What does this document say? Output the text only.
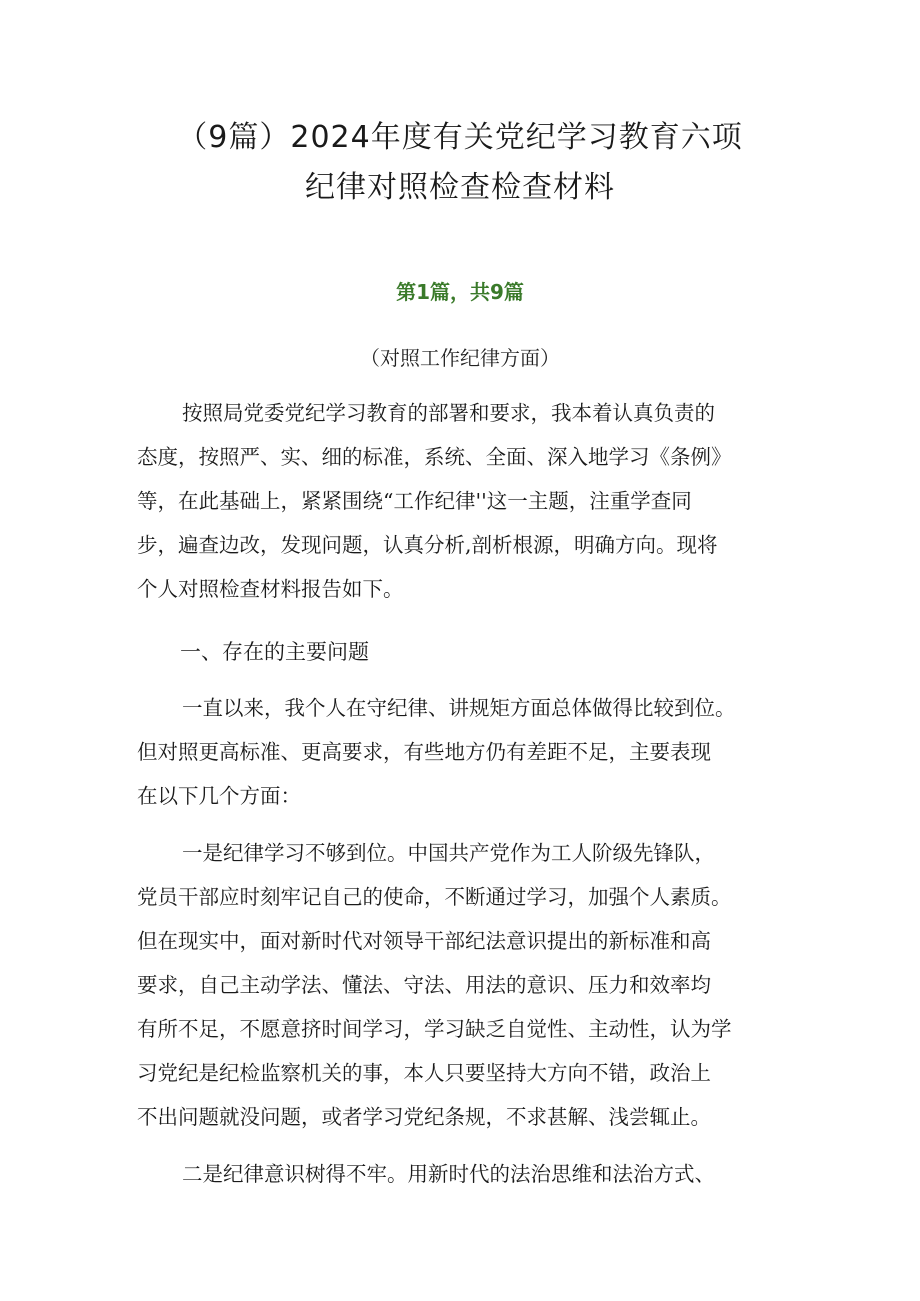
（9篇）2024年度有关党纪学习教育六项
纪律对照检查检查材料
第1篇，共9篇
（对照工作纪律方面）
按照局党委党纪学习教育的部署和要求，我本着认真负责的
态度，按照严、实、细的标准，系统、全面、深入地学习《条例》
等，在此基础上，紧紧围绕“工作纪律''这一主题，注重学查同
步，遍查边改，发现问题，认真分析,剖析根源，明确方向。现将
个人对照检查材料报告如下。
一、存在的主要问题
一直以来，我个人在守纪律、讲规矩方面总体做得比较到位。
但对照更高标准、更高要求，有些地方仍有差距不足，主要表现
在以下几个方面：
一是纪律学习不够到位。中国共产党作为工人阶级先锋队，
党员干部应时刻牢记自己的使命，不断通过学习，加强个人素质。
但在现实中，面对新时代对领导干部纪法意识提出的新标准和高
要求，自己主动学法、懂法、守法、用法的意识、压力和效率均
有所不足，不愿意挤时间学习，学习缺乏自觉性、主动性，认为学
习党纪是纪检监察机关的事，本人只要坚持大方向不错，政治上
不出问题就没问题，或者学习党纪条规，不求甚解、浅尝辄止。
二是纪律意识树得不牢。用新时代的法治思维和法治方式、
